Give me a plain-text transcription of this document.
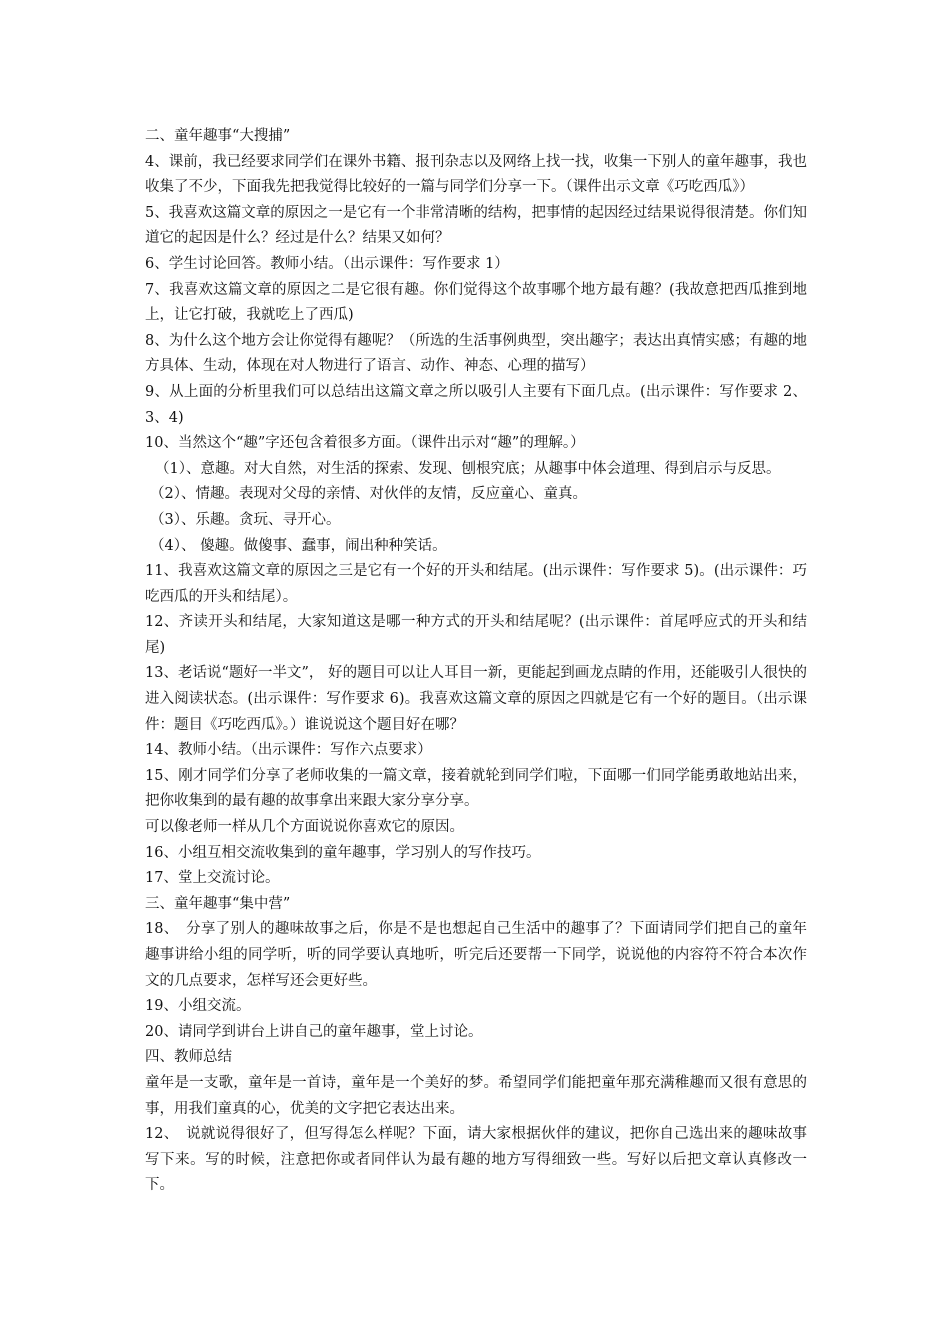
二、童年趣事“大搜捕”

4、课前，我已经要求同学们在课外书籍、报刊杂志以及网络上找一找，收集一下别人的童年趣事，我也收集了不少，下面我先把我觉得比较好的一篇与同学们分享一下。（课件出示文章《巧吃西瓜》）

5、我喜欢这篇文章的原因之一是它有一个非常清晰的结构，把事情的起因经过结果说得很清楚。你们知道它的起因是什么？经过是什么？结果又如何？

6、学生讨论回答。教师小结。（出示课件：写作要求 1）

7、我喜欢这篇文章的原因之二是它很有趣。你们觉得这个故事哪个地方最有趣？(我故意把西瓜推到地上，让它打破，我就吃上了西瓜)

8、为什么这个地方会让你觉得有趣呢？（所选的生活事例典型，突出趣字；表达出真情实感；有趣的地方具体、生动，体现在对人物进行了语言、动作、神态、心理的描写）

9、从上面的分析里我们可以总结出这篇文章之所以吸引人主要有下面几点。(出示课件：写作要求 2、3、4)

10、当然这个“趣”字还包含着很多方面。（课件出示对“趣”的理解。）

（1）、意趣。对大自然，对生活的探索、发现、刨根究底；从趣事中体会道理、得到启示与反思。

（2）、情趣。表现对父母的亲情、对伙伴的友情，反应童心、童真。

（3）、乐趣。贪玩、寻开心。

（4）、 傻趣。做傻事、蠢事，闹出种种笑话。

11、我喜欢这篇文章的原因之三是它有一个好的开头和结尾。(出示课件：写作要求 5)。(出示课件：巧吃西瓜的开头和结尾）。

12、齐读开头和结尾，大家知道这是哪一种方式的开头和结尾呢？(出示课件：首尾呼应式的开头和结尾)

13、老话说“题好一半文”， 好的题目可以让人耳目一新，更能起到画龙点睛的作用，还能吸引人很快的进入阅读状态。(出示课件：写作要求 6)。我喜欢这篇文章的原因之四就是它有一个好的题目。（出示课件：题目《巧吃西瓜》。）谁说说这个题目好在哪？

14、教师小结。（出示课件：写作六点要求）

15、刚才同学们分享了老师收集的一篇文章，接着就轮到同学们啦，下面哪一们同学能勇敢地站出来，把你收集到的最有趣的故事拿出来跟大家分享分享。

可以像老师一样从几个方面说说你喜欢它的原因。

16、小组互相交流收集到的童年趣事，学习别人的写作技巧。

17、堂上交流讨论。

三、童年趣事“集中营”

18、　分享了别人的趣味故事之后，你是不是也想起自己生活中的趣事了？下面请同学们把自己的童年趣事讲给小组的同学听，听的同学要认真地听，听完后还要帮一下同学，说说他的内容符不符合本次作文的几点要求，怎样写还会更好些。

19、小组交流。

20、请同学到讲台上讲自己的童年趣事，堂上讨论。

四、教师总结

童年是一支歌，童年是一首诗，童年是一个美好的梦。希望同学们能把童年那充满稚趣而又很有意思的事，用我们童真的心，优美的文字把它表达出来。

12、　说就说得很好了，但写得怎么样呢？下面，请大家根据伙伴的建议，把你自己选出来的趣味故事写下来。写的时候，注意把你或者同伴认为最有趣的地方写得细致一些。写好以后把文章认真修改一下。
